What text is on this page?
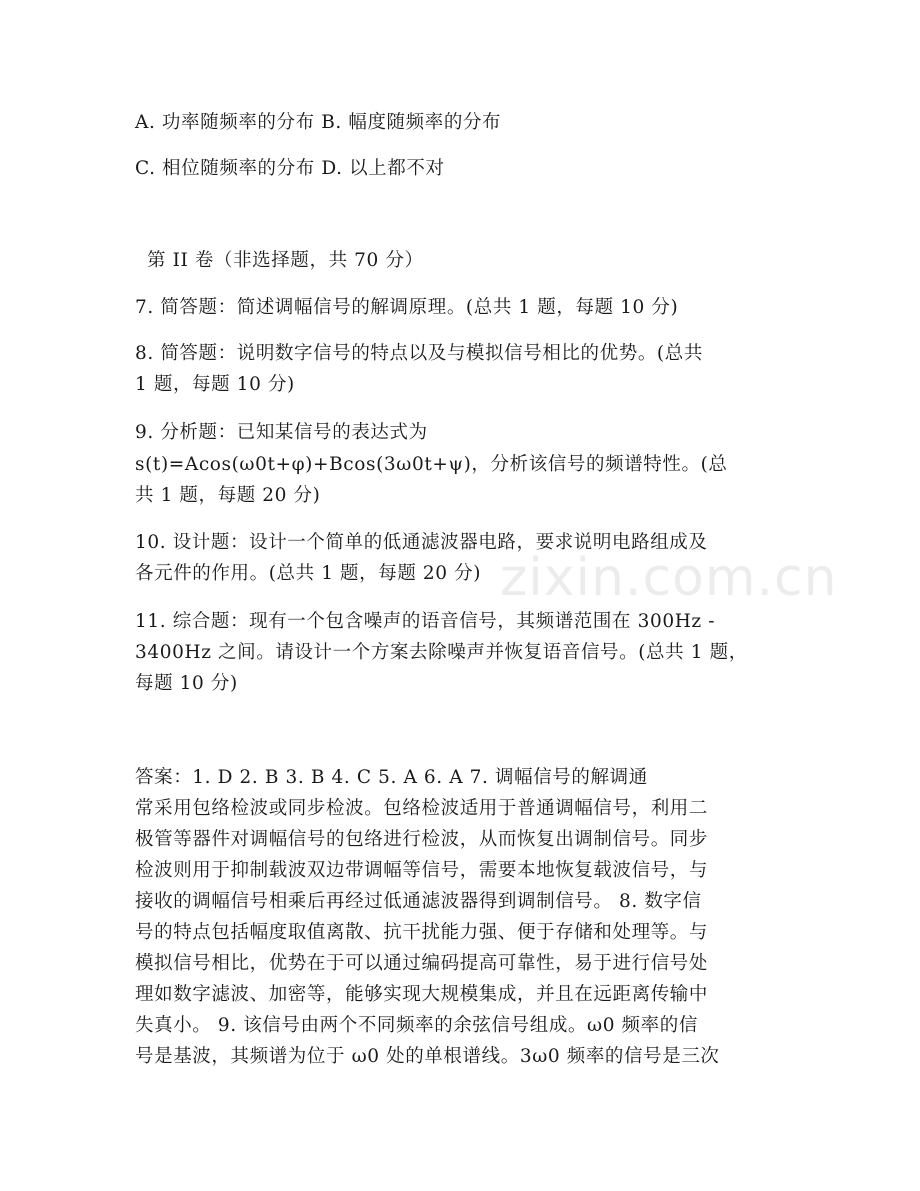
A. 功率随频率的分布 B. 幅度随频率的分布
C. 相位随频率的分布 D. 以上都不对
第 II 卷（非选择题，共 70 分）
7. 简答题：简述调幅信号的解调原理。(总共 1 题，每题 10 分)
8. 简答题：说明数字信号的特点以及与模拟信号相比的优势。(总共
1 题，每题 10 分)
9. 分析题：已知某信号的表达式为
s(t)=Acos(ω0t+φ)+Bcos(3ω0t+ψ)，分析该信号的频谱特性。(总
共 1 题，每题 20 分)
10. 设计题：设计一个简单的低通滤波器电路，要求说明电路组成及
各元件的作用。(总共 1 题，每题 20 分)
11. 综合题：现有一个包含噪声的语音信号，其频谱范围在 300Hz -
3400Hz 之间。请设计一个方案去除噪声并恢复语音信号。(总共 1 题，
每题 10 分)
答案：1. D 2. B 3. B 4. C 5. A 6. A 7. 调幅信号的解调通
常采用包络检波或同步检波。包络检波适用于普通调幅信号，利用二
极管等器件对调幅信号的包络进行检波，从而恢复出调制信号。同步
检波则用于抑制载波双边带调幅等信号，需要本地恢复载波信号，与
接收的调幅信号相乘后再经过低通滤波器得到调制信号。 8. 数字信
号的特点包括幅度取值离散、抗干扰能力强、便于存储和处理等。与
模拟信号相比，优势在于可以通过编码提高可靠性，易于进行信号处
理如数字滤波、加密等，能够实现大规模集成，并且在远距离传输中
失真小。 9. 该信号由两个不同频率的余弦信号组成。ω0 频率的信
号是基波，其频谱为位于 ω0 处的单根谱线。3ω0 频率的信号是三次
zixin.com.cn
